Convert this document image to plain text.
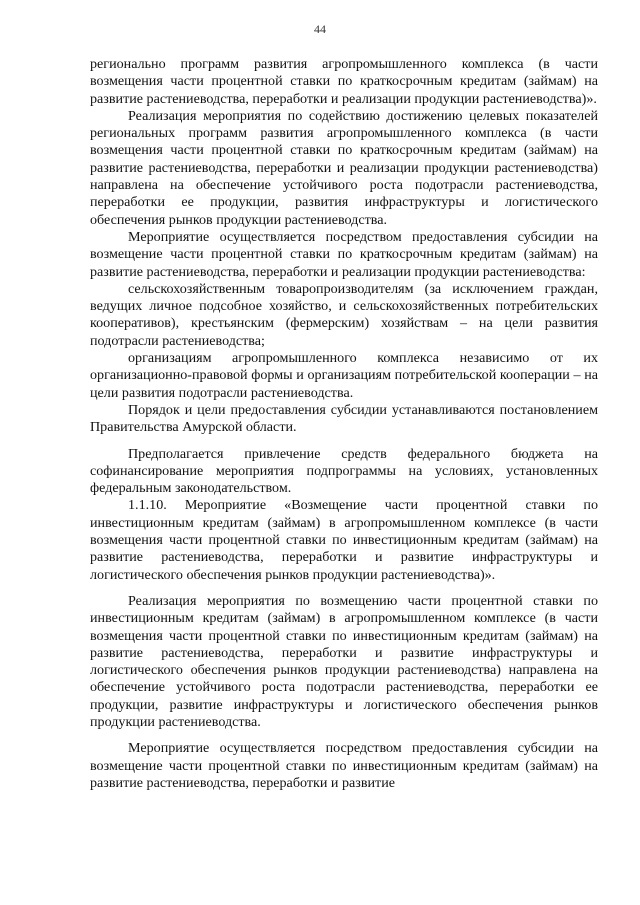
44

регионально программ развития агропромышленного комплекса (в части возмещения части процентной ставки по краткосрочным кредитам (займам) на развитие растениеводства, переработки и реализации продукции растениеводства)».

Реализация мероприятия по содействию достижению целевых показателей региональных программ развития агропромышленного комплекса (в части возмещения части процентной ставки по краткосрочным кредитам (займам) на развитие растениеводства, переработки и реализации продукции растениеводства) направлена на обеспечение устойчивого роста подотрасли растениеводства, переработки ее продукции, развития инфраструктуры и логистического обеспечения рынков продукции растениеводства.

Мероприятие осуществляется посредством предоставления субсидии на возмещение части процентной ставки по краткосрочным кредитам (займам) на развитие растениеводства, переработки и реализации продукции растениеводства:

сельскохозяйственным товаропроизводителям (за исключением граждан, ведущих личное подсобное хозяйство, и сельскохозяйственных потребительских кооперативов), крестьянским (фермерским) хозяйствам – на цели развития подотрасли растениеводства;

организациям агропромышленного комплекса независимо от их организационно-правовой формы и организациям потребительской кооперации – на цели развития подотрасли растениеводства.

Порядок и цели предоставления субсидии устанавливаются постановлением Правительства Амурской области.

Предполагается привлечение средств федерального бюджета на софинансирование мероприятия подпрограммы на условиях, установленных федеральным законодательством.

1.1.10. Мероприятие «Возмещение части процентной ставки по инвестиционным кредитам (займам) в агропромышленном комплексе (в части возмещения части процентной ставки по инвестиционным кредитам (займам) на развитие растениеводства, переработки и развитие инфраструктуры и логистического обеспечения рынков продукции растениеводства)».

Реализация мероприятия по возмещению части процентной ставки по инвестиционным кредитам (займам) в агропромышленном комплексе (в части возмещения части процентной ставки по инвестиционным кредитам (займам) на развитие растениеводства, переработки и развитие инфраструктуры и логистического обеспечения рынков продукции растениеводства) направлена на обеспечение устойчивого роста подотрасли растениеводства, переработки ее продукции, развитие инфраструктуры и логистического обеспечения рынков продукции растениеводства.

Мероприятие осуществляется посредством предоставления субсидии на возмещение части процентной ставки по инвестиционным кредитам (займам) на развитие растениеводства, переработки и развитие
